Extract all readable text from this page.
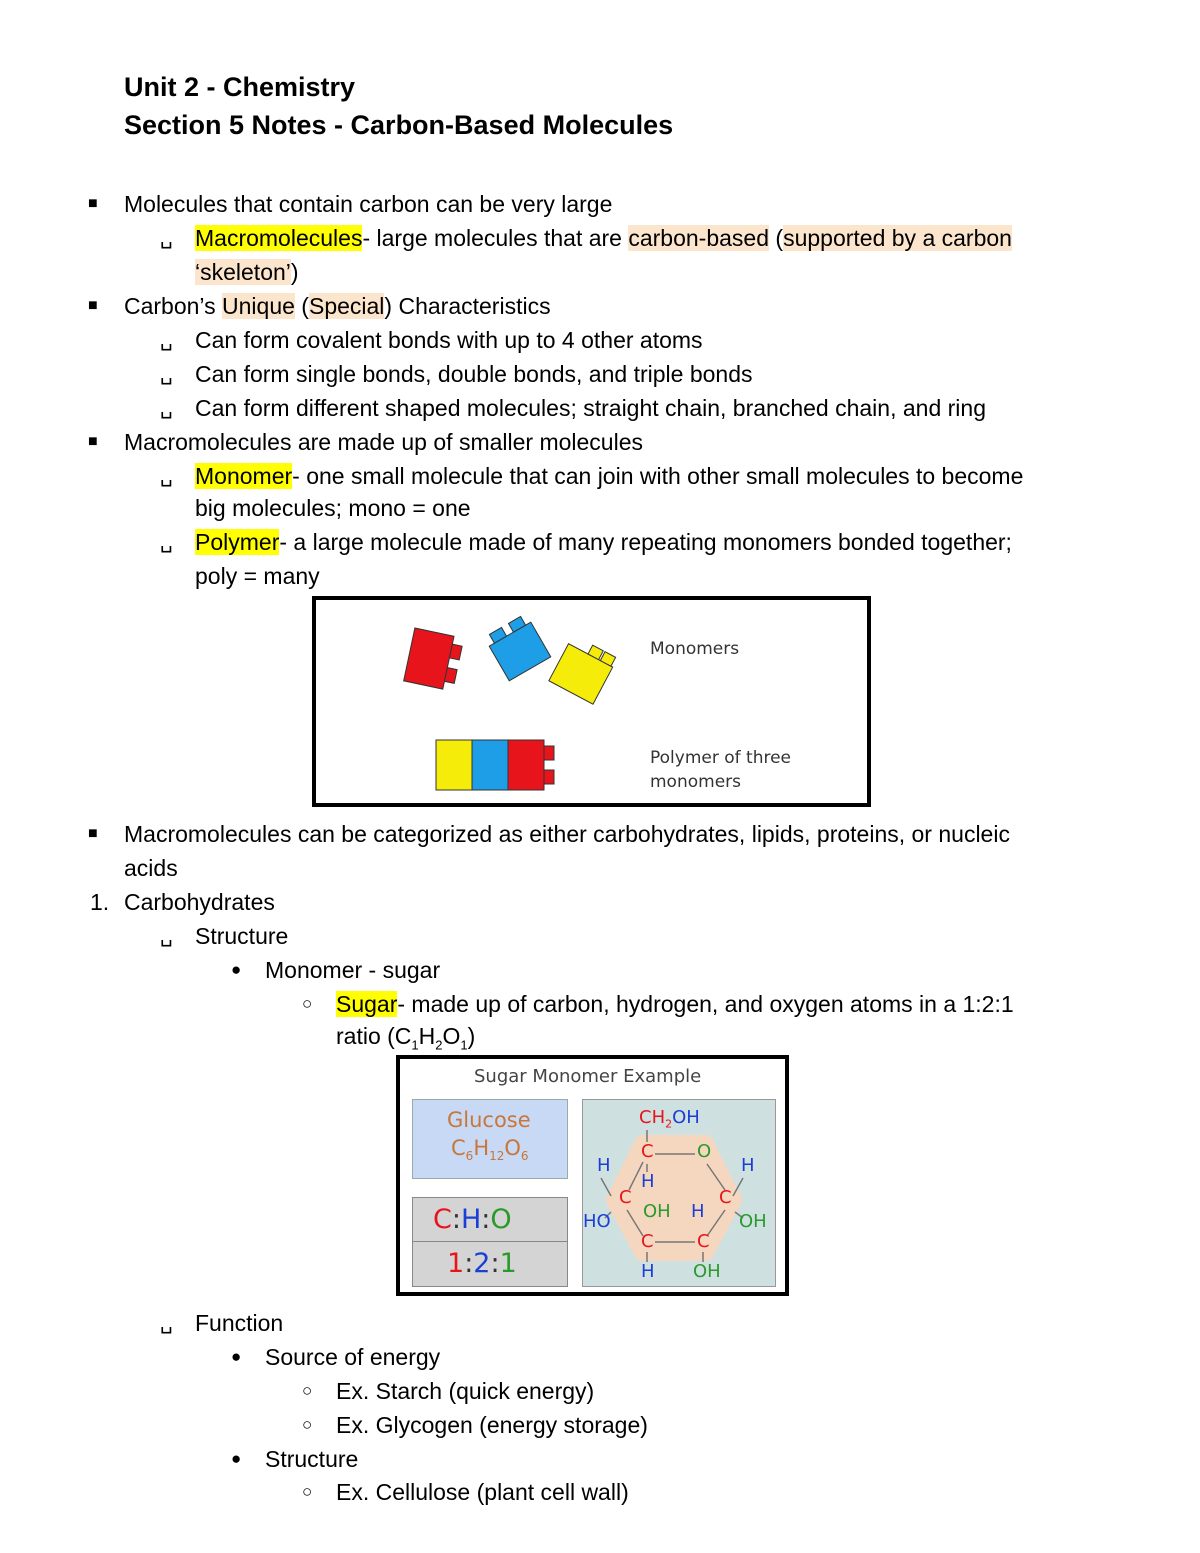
Unit 2 - Chemistry
Section 5 Notes - Carbon-Based Molecules
■ Molecules that contain carbon can be very large
␣ Macromolecules- large molecules that are carbon-based (supported by a carbon
‘skeleton’)
■ Carbon’s Unique (Special) Characteristics
␣ Can form covalent bonds with up to 4 other atoms
␣ Can form single bonds, double bonds, and triple bonds
␣ Can form different shaped molecules; straight chain, branched chain, and ring
■ Macromolecules are made up of smaller molecules
␣ Monomer- one small molecule that can join with other small molecules to become
big molecules; mono = one
␣ Polymer- a large molecule made of many repeating monomers bonded together;
poly = many
Monomers
Polymer of three
monomers
■ Macromolecules can be categorized as either carbohydrates, lipids, proteins, or nucleic
acids
1. Carbohydrates
␣ Structure
● Monomer - sugar
○ Sugar- made up of carbon, hydrogen, and oxygen atoms in a 1:2:1
ratio $(C_1H_2O_1)$
Sugar Monomer Example
Glucose
$C_6H_{12}O_6$
C:H:O
1:2:1
$CH_2OH$
C O
H	H
H
C	C
HO OH H OH
C C
H OH
␣ Function
● Source of energy
○ Ex. Starch (quick energy)
○ Ex. Glycogen (energy storage)
● Structure
○ Ex. Cellulose (plant cell wall)
